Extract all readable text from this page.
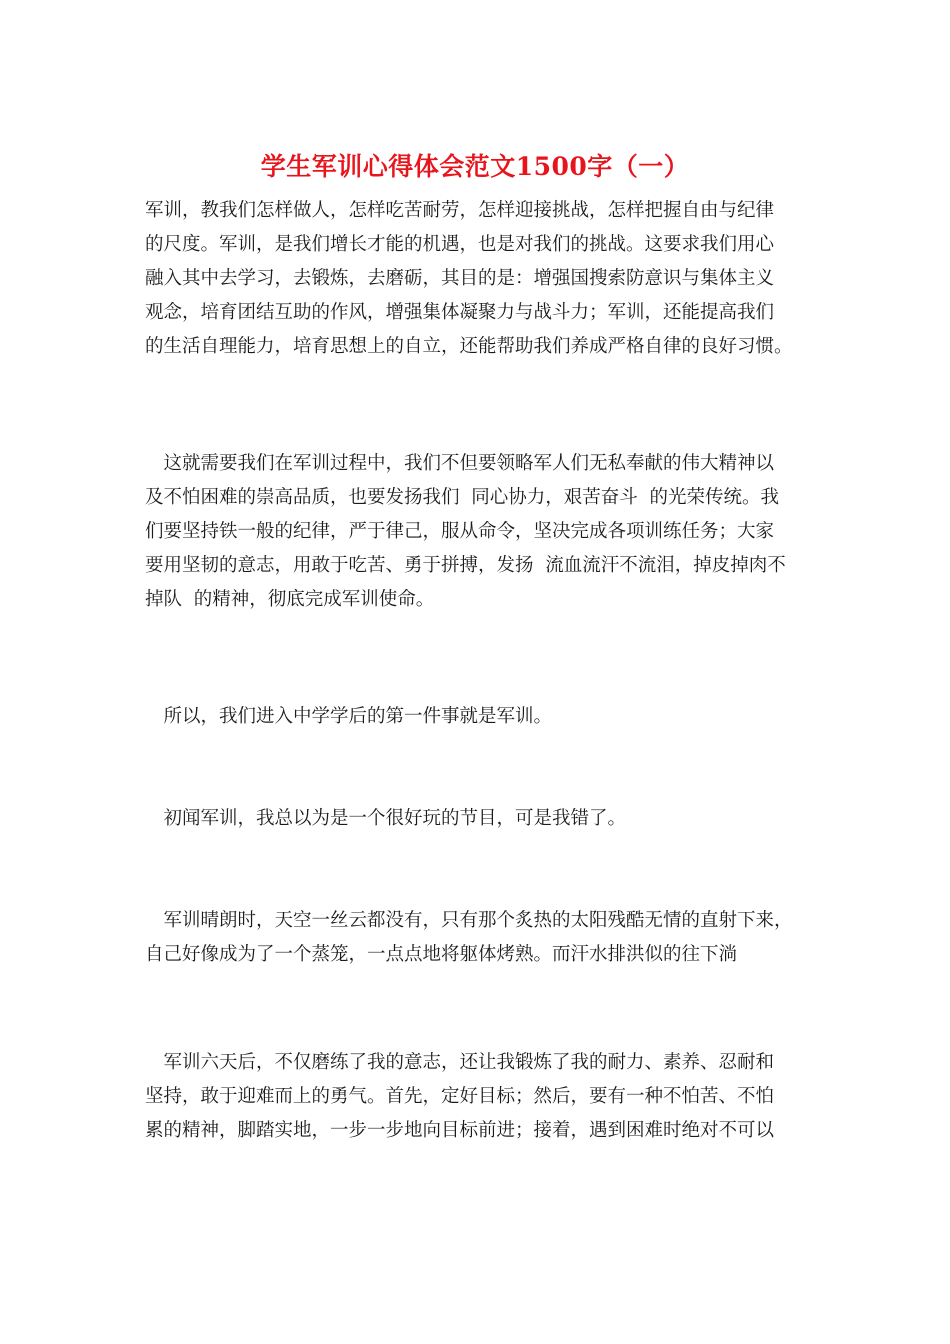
学生军训心得体会范文1500字（一）
军训，教我们怎样做人，怎样吃苦耐劳，怎样迎接挑战，怎样把握自由与纪律
的尺度。军训，是我们增长才能的机遇，也是对我们的挑战。这要求我们用心
融入其中去学习，去锻炼，去磨砺，其目的是：增强国搜索防意识与集体主义
观念，培育团结互助的作风，增强集体凝聚力与战斗力；军训，还能提高我们
的生活自理能力，培育思想上的自立，还能帮助我们养成严格自律的良好习惯。
　这就需要我们在军训过程中，我们不但要领略军人们无私奉献的伟大精神以
及不怕困难的崇高品质，也要发扬我们  同心协力，艰苦奋斗  的光荣传统。我
们要坚持铁一般的纪律，严于律己，服从命令，坚决完成各项训练任务；大家
要用坚韧的意志，用敢于吃苦、勇于拼搏，发扬  流血流汗不流泪，掉皮掉肉不
掉队  的精神，彻底完成军训使命。
　所以，我们进入中学学后的第一件事就是军训。
　初闻军训，我总以为是一个很好玩的节目，可是我错了。
　军训晴朗时，天空一丝云都没有，只有那个炙热的太阳残酷无情的直射下来，
自己好像成为了一个蒸笼，一点点地将躯体烤熟。而汗水排洪似的往下淌
　军训六天后，不仅磨练了我的意志，还让我锻炼了我的耐力、素养、忍耐和
坚持，敢于迎难而上的勇气。首先，定好目标；然后，要有一种不怕苦、不怕
累的精神，脚踏实地，一步一步地向目标前进；接着，遇到困难时绝对不可以
